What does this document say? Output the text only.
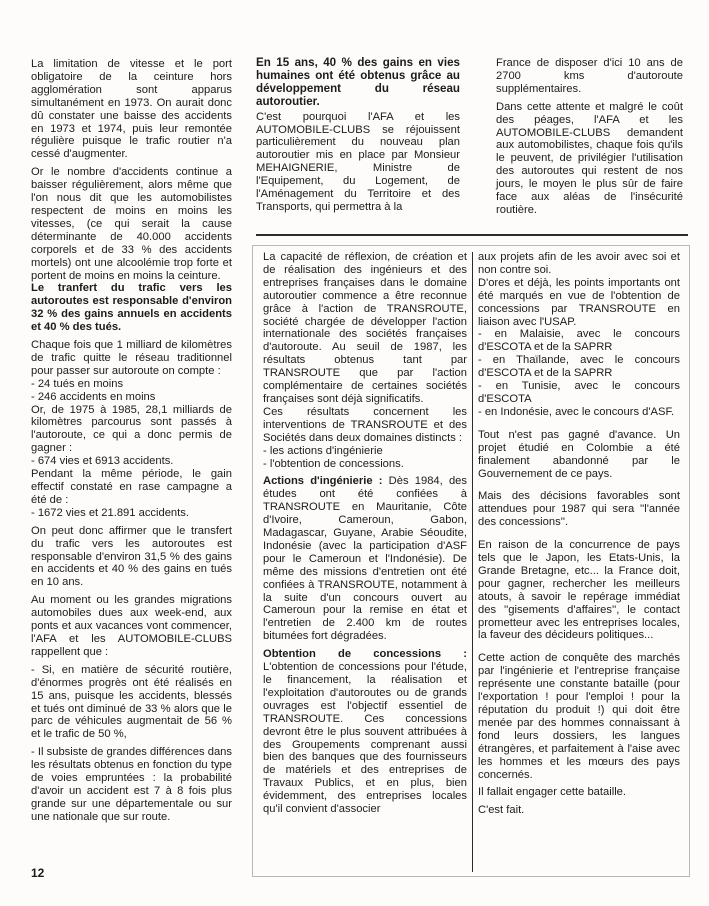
La limitation de vitesse et le port obligatoire de la ceinture hors agglomération sont apparus simultanément en 1973. On aurait donc dû constater une baisse des accidents en 1973 et 1974, puis leur remontée régulière puisque le trafic routier n'a cessé d'augmenter.

Or le nombre d'accidents continue a baisser régulièrement, alors même que l'on nous dit que les automobilistes respectent de moins en moins les vitesses, (ce qui serait la cause déterminante de 40.000 accidents corporels et de 33 % des accidents mortels) ont une alcoolémie trop forte et portent de moins en moins la ceinture.

Le tranfert du trafic vers les autoroutes est responsable d'environ 32 % des gains annuels en accidents et 40 % des tués.

Chaque fois que 1 milliard de kilomètres de trafic quitte le réseau traditionnel pour passer sur autoroute on compte :

- 24 tués en moins

- 246 accidents en moins

Or, de 1975 à 1985, 28,1 milliards de kilomètres parcourus sont passés à l'autoroute, ce qui a donc permis de gagner :

- 674 vies et 6913 accidents.

Pendant la même période, le gain effectif constaté en rase campagne a été de :

- 1672 vies et 21.891 accidents.

On peut donc affirmer que le transfert du trafic vers les autoroutes est responsable d'environ 31,5 % des gains en accidents et 40 % des gains en tués en 10 ans.

Au moment ou les grandes migrations automobiles dues aux week-end, aux ponts et aux vacances vont commencer, l'AFA et les AUTOMOBILE-CLUBS rappellent que :

- Si, en matière de sécurité routière, d'énormes progrès ont été réalisés en 15 ans, puisque les accidents, blessés et tués ont diminué de 33 % alors que le parc de véhicules augmentait de 56 % et le trafic de 50 %,

- Il subsiste de grandes différences dans les résultats obtenus en fonction du type de voies empruntées : la probabilité d'avoir un accident est 7 à 8 fois plus grande sur une départementale ou sur une nationale que sur route.

En 15 ans, 40 % des gains en vies humaines ont été obtenus grâce au développement du réseau autoroutier.

C'est pourquoi l'AFA et les AUTOMOBILE-CLUBS se réjouissent particulièrement du nouveau plan autoroutier mis en place par Monsieur MEHAIGNERIE, Ministre de l'Equipement, du Logement, de l'Aménagement du Territoire et des Transports, qui permettra à la

France de disposer d'ici 10 ans de 2700 kms d'autoroute supplémentaires.

Dans cette attente et malgré le coût des péages, l'AFA et les AUTOMOBILE-CLUBS demandent aux automobilistes, chaque fois qu'ils le peuvent, de privilégier l'utilisation des autoroutes qui restent de nos jours, le moyen le plus sûr de faire face aux aléas de l'insécurité routière.

La capacité de réflexion, de création et de réalisation des ingénieurs et des entreprises françaises dans le domaine autoroutier commence a être reconnue grâce à l'action de TRANSROUTE, société chargée de développer l'action internationale des sociétés françaises d'autoroute. Au seuil de 1987, les résultats obtenus tant par TRANSROUTE que par l'action complémentaire de certaines sociétés françaises sont déjà significatifs.

Ces résultats concernent les interventions de TRANSROUTE et des Sociétés dans deux domaines distincts :

- les actions d'ingénierie

- l'obtention de concessions.

Actions d'ingénierie : Dès 1984, des études ont été confiées à TRANSROUTE en Mauritanie, Côte d'Ivoire, Cameroun, Gabon, Madagascar, Guyane, Arabie Séoudite, Indonésie (avec la participation d'ASF pour le Cameroun et l'Indonésie). De même des missions d'entretien ont été confiées à TRANSROUTE, notamment à la suite d'un concours ouvert au Cameroun pour la remise en état et l'entretien de 2.400 km de routes bitumées fort dégradées.

Obtention de concessions : L'obtention de concessions pour l'étude, le financement, la réalisation et l'exploitation d'autoroutes ou de grands ouvrages est l'objectif essentiel de TRANSROUTE. Ces concessions devront être le plus souvent attribuées à des Groupements comprenant aussi bien des banques que des fournisseurs de matériels et des entreprises de Travaux Publics, et en plus, bien évidemment, des entreprises locales qu'il convient d'associer

aux projets afin de les avoir avec soi et non contre soi.

D'ores et déjà, les points importants ont été marqués en vue de l'obtention de concessions par TRANSROUTE en liaison avec l'USAP.

- en Malaisie, avec le concours d'ESCOTA et de la SAPRR

- en Thaïlande, avec le concours d'ESCOTA et de la SAPRR

- en Tunisie, avec le concours d'ESCOTA

- en Indonésie, avec le concours d'ASF.

Tout n'est pas gagné d'avance. Un projet étudié en Colombie a été finalement abandonné par le Gouvernement de ce pays.

Mais des décisions favorables sont attendues pour 1987 qui sera ''l'année des concessions''.

En raison de la concurrence de pays tels que le Japon, les Etats-Unis, la Grande Bretagne, etc... la France doit, pour gagner, rechercher les meilleurs atouts, à savoir le repérage immédiat des ''gisements d'affaires'', le contact prometteur avec les entreprises locales, la faveur des décideurs politiques...

Cette action de conquête des marchés par l'ingénierie et l'entreprise française représente une constante bataille (pour l'exportation ! pour l'emploi ! pour la réputation du produit !) qui doit être menée par des hommes connaissant à fond leurs dossiers, les langues étrangères, et parfaitement à l'aise avec les hommes et les mœurs des pays concernés.

Il fallait engager cette bataille.

C'est fait.

12
